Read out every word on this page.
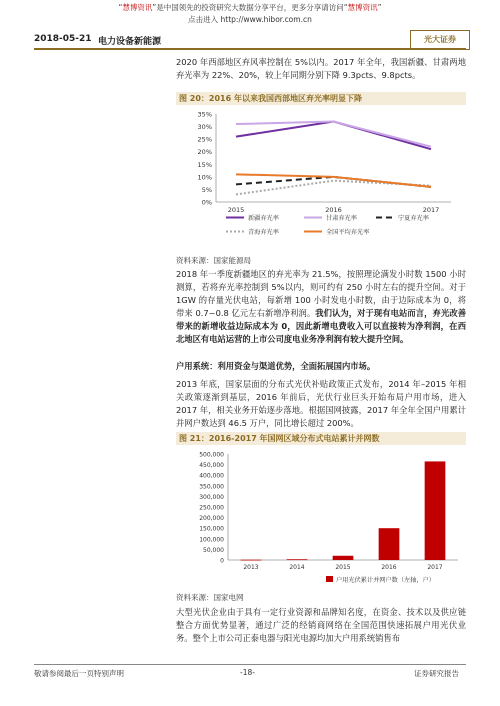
“慧博资讯”是中国领先的投资研究大数据分享平台，更多分享请访问“慧博资讯”
点击进入 http://www.hibor.com.cn
2018-05-21 电力设备新能源	光大证券
2020 年西部地区弃风率控制在 5%以内。2017 年全年，我国新疆、甘肃两地弃光率为 22%、20%，较上年同期分别下降 9.3pcts、9.8pcts。
图 20：2016 年以来我国西部地区弃光率明显下降
0%
5%
10%
15%
20%
25%
30%
35%
2015	2016	2017
新疆弃光率	甘肃弃光率	宁夏弃光率
青海弃光率	全国平均弃光率
资料来源：国家能源局
2018 年一季度新疆地区的弃光率为 21.5%，按照理论满发小时数 1500 小时测算，若将弃光率控制到 5%以内，则可约有 250 小时左右的提升空间。对于 1GW 的存量光伏电站，每新增 100 小时发电小时数，由于边际成本为 0，将带来 0.7~0.8 亿元左右新增净利润。我们认为，对于现有电站而言，弃光改善带来的新增收益边际成本为 0，因此新增电费收入可以直接转为净利润，在西北地区有电站运营的上市公司度电业务净利润有较大提升空间。
户用系统：利用资金与渠道优势，全面拓展国内市场。
2013 年底，国家层面的分布式光伏补贴政策正式发布，2014 年–2015 年相关政策逐渐到基层，2016 年前后，光伏行业巨头开始布局户用市场，进入 2017 年，相关业务开始逐步落地。根据国网披露，2017 年全年全国户用累计并网户数达到 46.5 万户，同比增长超过 200%。
图 21：2016-2017 年国网区域分布式电站累计并网数
0
50,000
100,000
150,000
200,000
250,000
300,000
350,000
400,000
450,000
500,000
2013	2014	2015	2016	2017
户用光伏累计并网户数（左轴，户）
资料来源：国家电网
大型光伏企业由于具有一定行业资源和品牌知名度，在资金、技术以及供应链整合方面优势显著，通过广泛的经销商网络在全国范围快速拓展户用光伏业务。整个上市公司正泰电器与阳光电源均加大户用系统销售布
敬请参阅最后一页特别声明	-18-	证券研究报告
